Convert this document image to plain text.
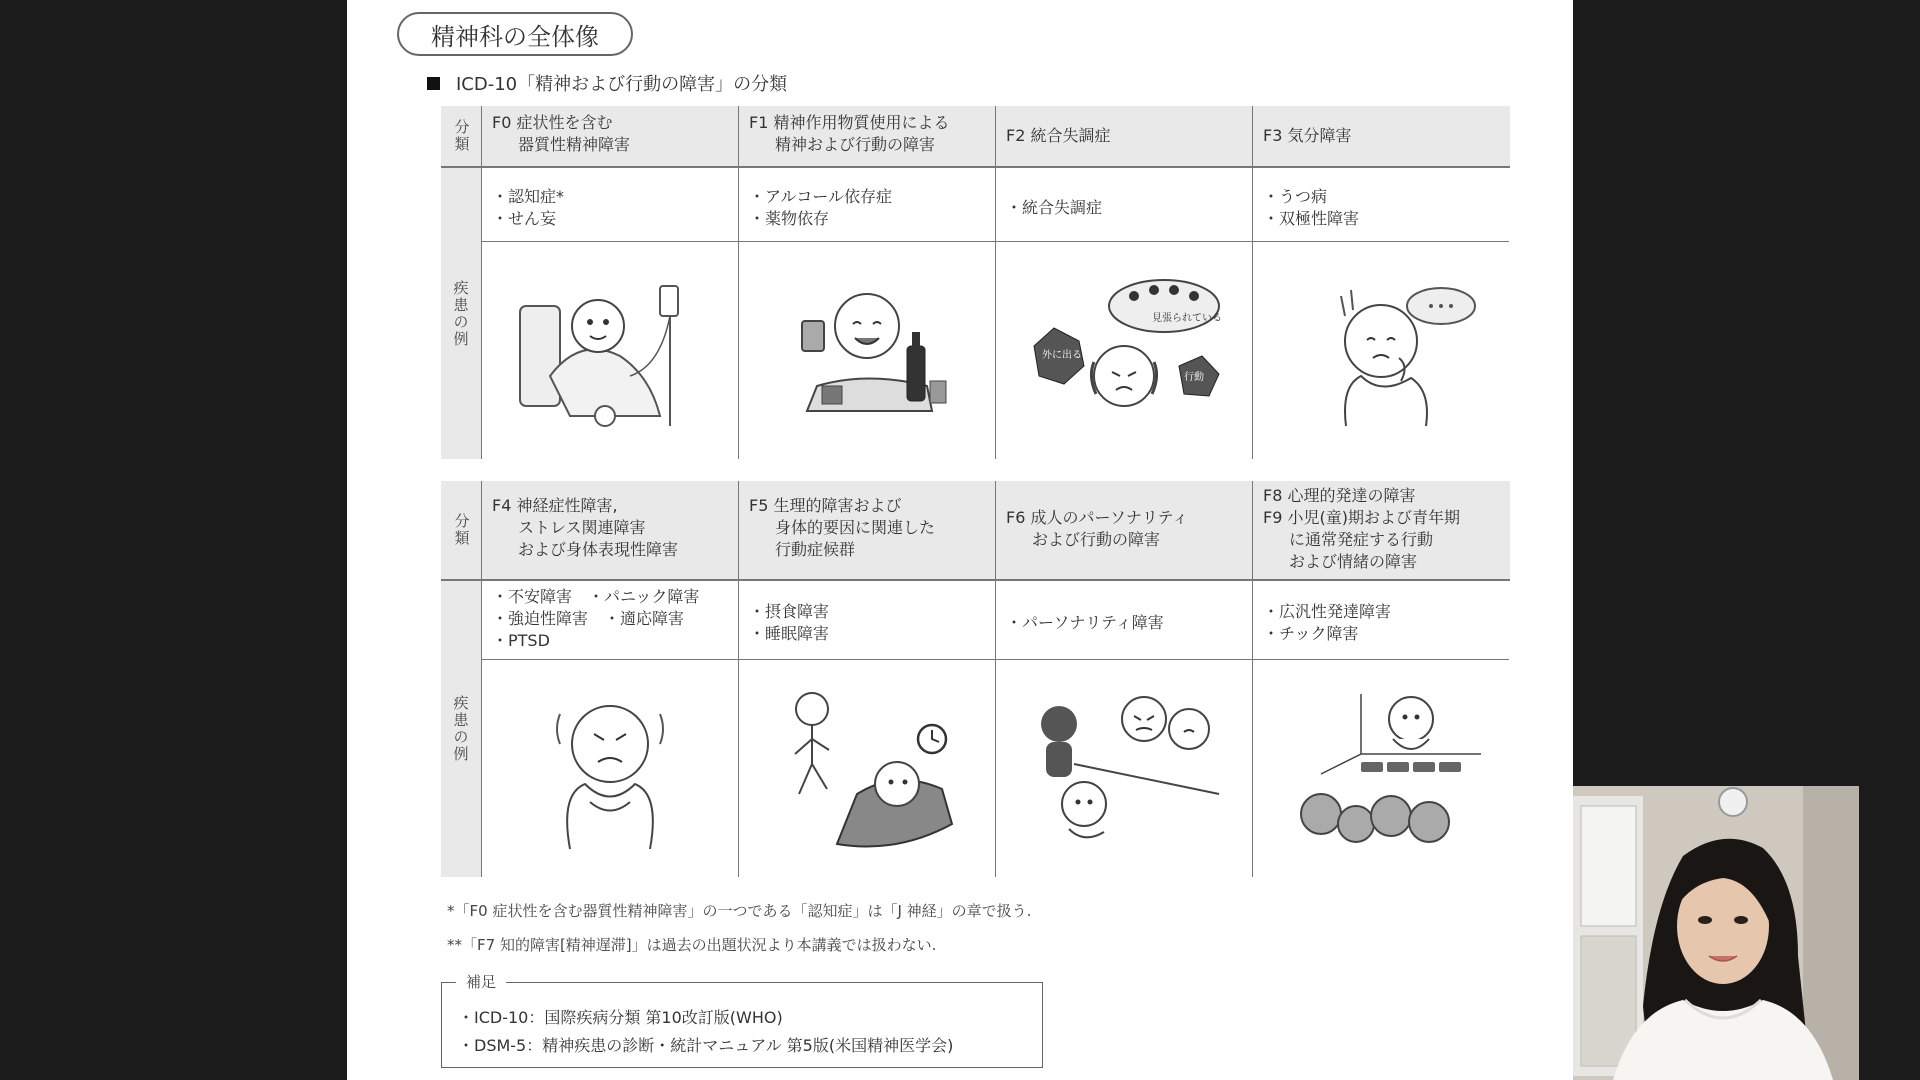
精神科の全体像
ICD-10「精神および行動の障害」の分類
分類 F0 症状性を含む
器質性精神障害
F1 精神作用物質使用による
精神および行動の障害	F2 統合失調症	F3 気分障害
疾患の例
・認知症*
・せん妄
・アルコール依存症
・薬物依存
・統合失調症
・うつ病
・双極性障害
見張られている
外に出るな
行動
分類
F4 神経症性障害,
ストレス関連障害
および身体表現性障害
F5 生理的障害および
身体的要因に関連した
行動症候群
F6 成人のパーソナリティ
および行動の障害
F8 心理的発達の障害
F9 小児(童)期および青年期
に通常発症する行動
および情緒の障害
疾患の例
・不安障害　・パニック障害
・強迫性障害　・適応障害
・PTSD
・摂食障害
・睡眠障害
・パーソナリティ障害
・広汎性発達障害
・チック障害
*「F0 症状性を含む器質性精神障害」の一つである「認知症」は「J 神経」の章で扱う.
**「F7 知的障害[精神遅滞]」は過去の出題状況より本講義では扱わない.
補足
・ICD-10：国際疾病分類 第10改訂版(WHO)
・DSM-5：精神疾患の診断・統計マニュアル 第5版(米国精神医学会)
